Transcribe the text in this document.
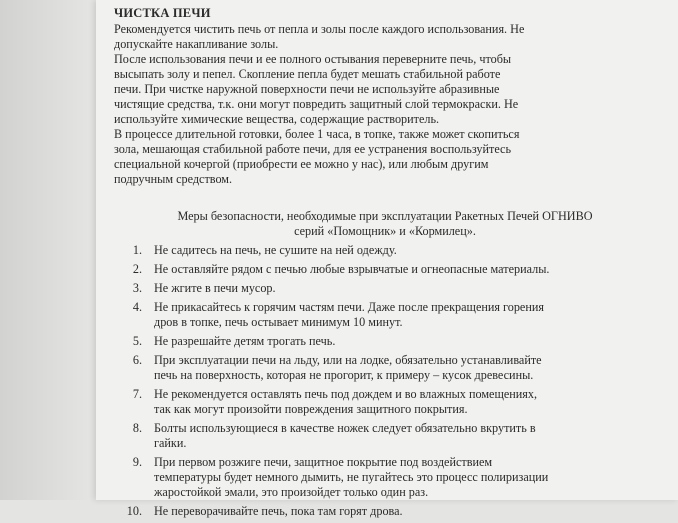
ЧИСТКА ПЕЧИ

Рекомендуется чистить печь от пепла и золы после каждого использования. Не
допускайте накапливание золы.

После использования печи и ее полного остывания переверните печь, чтобы
высыпать золу и пепел. Скопление пепла будет мешать стабильной работе
печи. При чистке наружной поверхности печи не используйте абразивные
чистящие средства, т.к. они могут повредить защитный слой термокраски. Не
используйте химические вещества, содержащие растворитель.

В процессе длительной готовки, более 1 часа, в топке, также может скопиться
зола, мешающая стабильной работе печи, для ее устранения воспользуйтесь
специальной кочергой (приобрести ее можно у нас), или любым другим
подручным средством.

Меры безопасности, необходимые при эксплуатации Ракетных Печей ОГНИВО
серий «Помощник» и «Кормилец».
1. Не садитесь на печь, не сушите на ней одежду.
2. Не оставляйте рядом с печью любые взрывчатые и огнеопасные материалы.
3. Не жгите в печи мусор.
4. Не прикасайтесь к горячим частям печи. Даже после прекращения горения
дров в топке, печь остывает минимум 10 минут.
5. Не разрешайте детям трогать печь.
6. При эксплуатации печи на льду, или на лодке, обязательно устанавливайте
печь на поверхность, которая не прогорит, к примеру – кусок древесины.
7. Не рекомендуется оставлять печь под дождем и во влажных помещениях,
так как могут произойти повреждения защитного покрытия.
8. Болты использующиеся в качестве ножек следует обязательно вкрутить в
гайки.
9. При первом розжиге печи, защитное покрытие под воздействием
температуры будет немного дымить, не пугайтесь это процесс полиризации
жаростойкой эмали, это произойдет только один раз.
10. Не переворачивайте печь, пока там горят дрова.
